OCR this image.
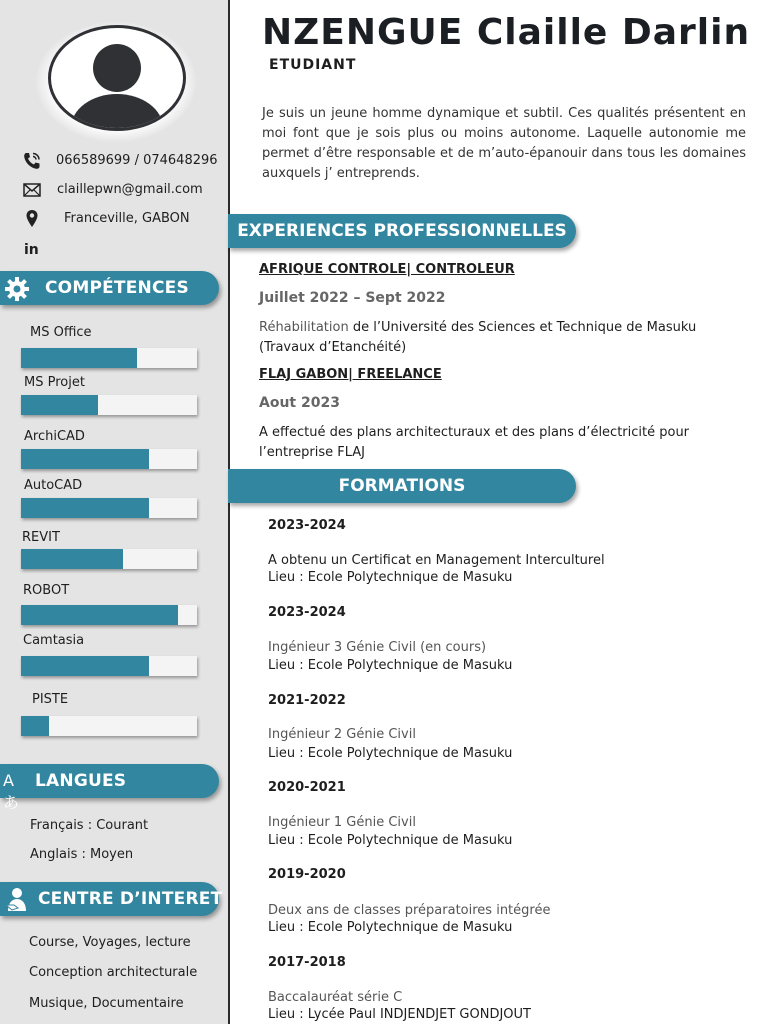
066589699 / 074648296
claillepwn@gmail.com
Franceville, GABON
in
COMPÉTENCES
MS Office
MS Projet
ArchiCAD
AutoCAD
REVIT
ROBOT
Camtasia
PISTE
Aあ
LANGUES
Français : Courant
Anglais : Moyen
CENTRE D’INTERET
Course, Voyages, lecture
Conception architecturale
Musique, Documentaire
NZENGUE Claille Darlin
ETUDIANT
Je suis un jeune homme dynamique et subtil. Ces qualités présentent en moi font que je sois plus ou moins autonome. Laquelle autonomie me permet d’être responsable et de m’auto-épanouir dans tous les domaines auxquels j’ entreprends.
EXPERIENCES PROFESSIONNELLES
AFRIQUE CONTROLE| CONTROLEUR
Juillet 2022 – Sept 2022
Réhabilitation de l’Université des Sciences et Technique de Masuku (Travaux d’Etanchéité)
FLAJ GABON| FREELANCE
Aout 2023
A effectué des plans architecturaux et des plans d’électricité pour l’entreprise FLAJ
FORMATIONS
2023-2024
A obtenu un Certificat en Management Interculturel
Lieu : Ecole Polytechnique de Masuku
2023-2024
Ingénieur 3 Génie Civil (en cours)
Lieu : Ecole Polytechnique de Masuku
2021-2022
Ingénieur 2 Génie Civil
Lieu : Ecole Polytechnique de Masuku
2020-2021
Ingénieur 1 Génie Civil
Lieu : Ecole Polytechnique de Masuku
2019-2020
Deux ans de classes préparatoires intégrée
Lieu : Ecole Polytechnique de Masuku
2017-2018
Baccalauréat série C
Lieu : Lycée Paul INDJENDJET GONDJOUT
